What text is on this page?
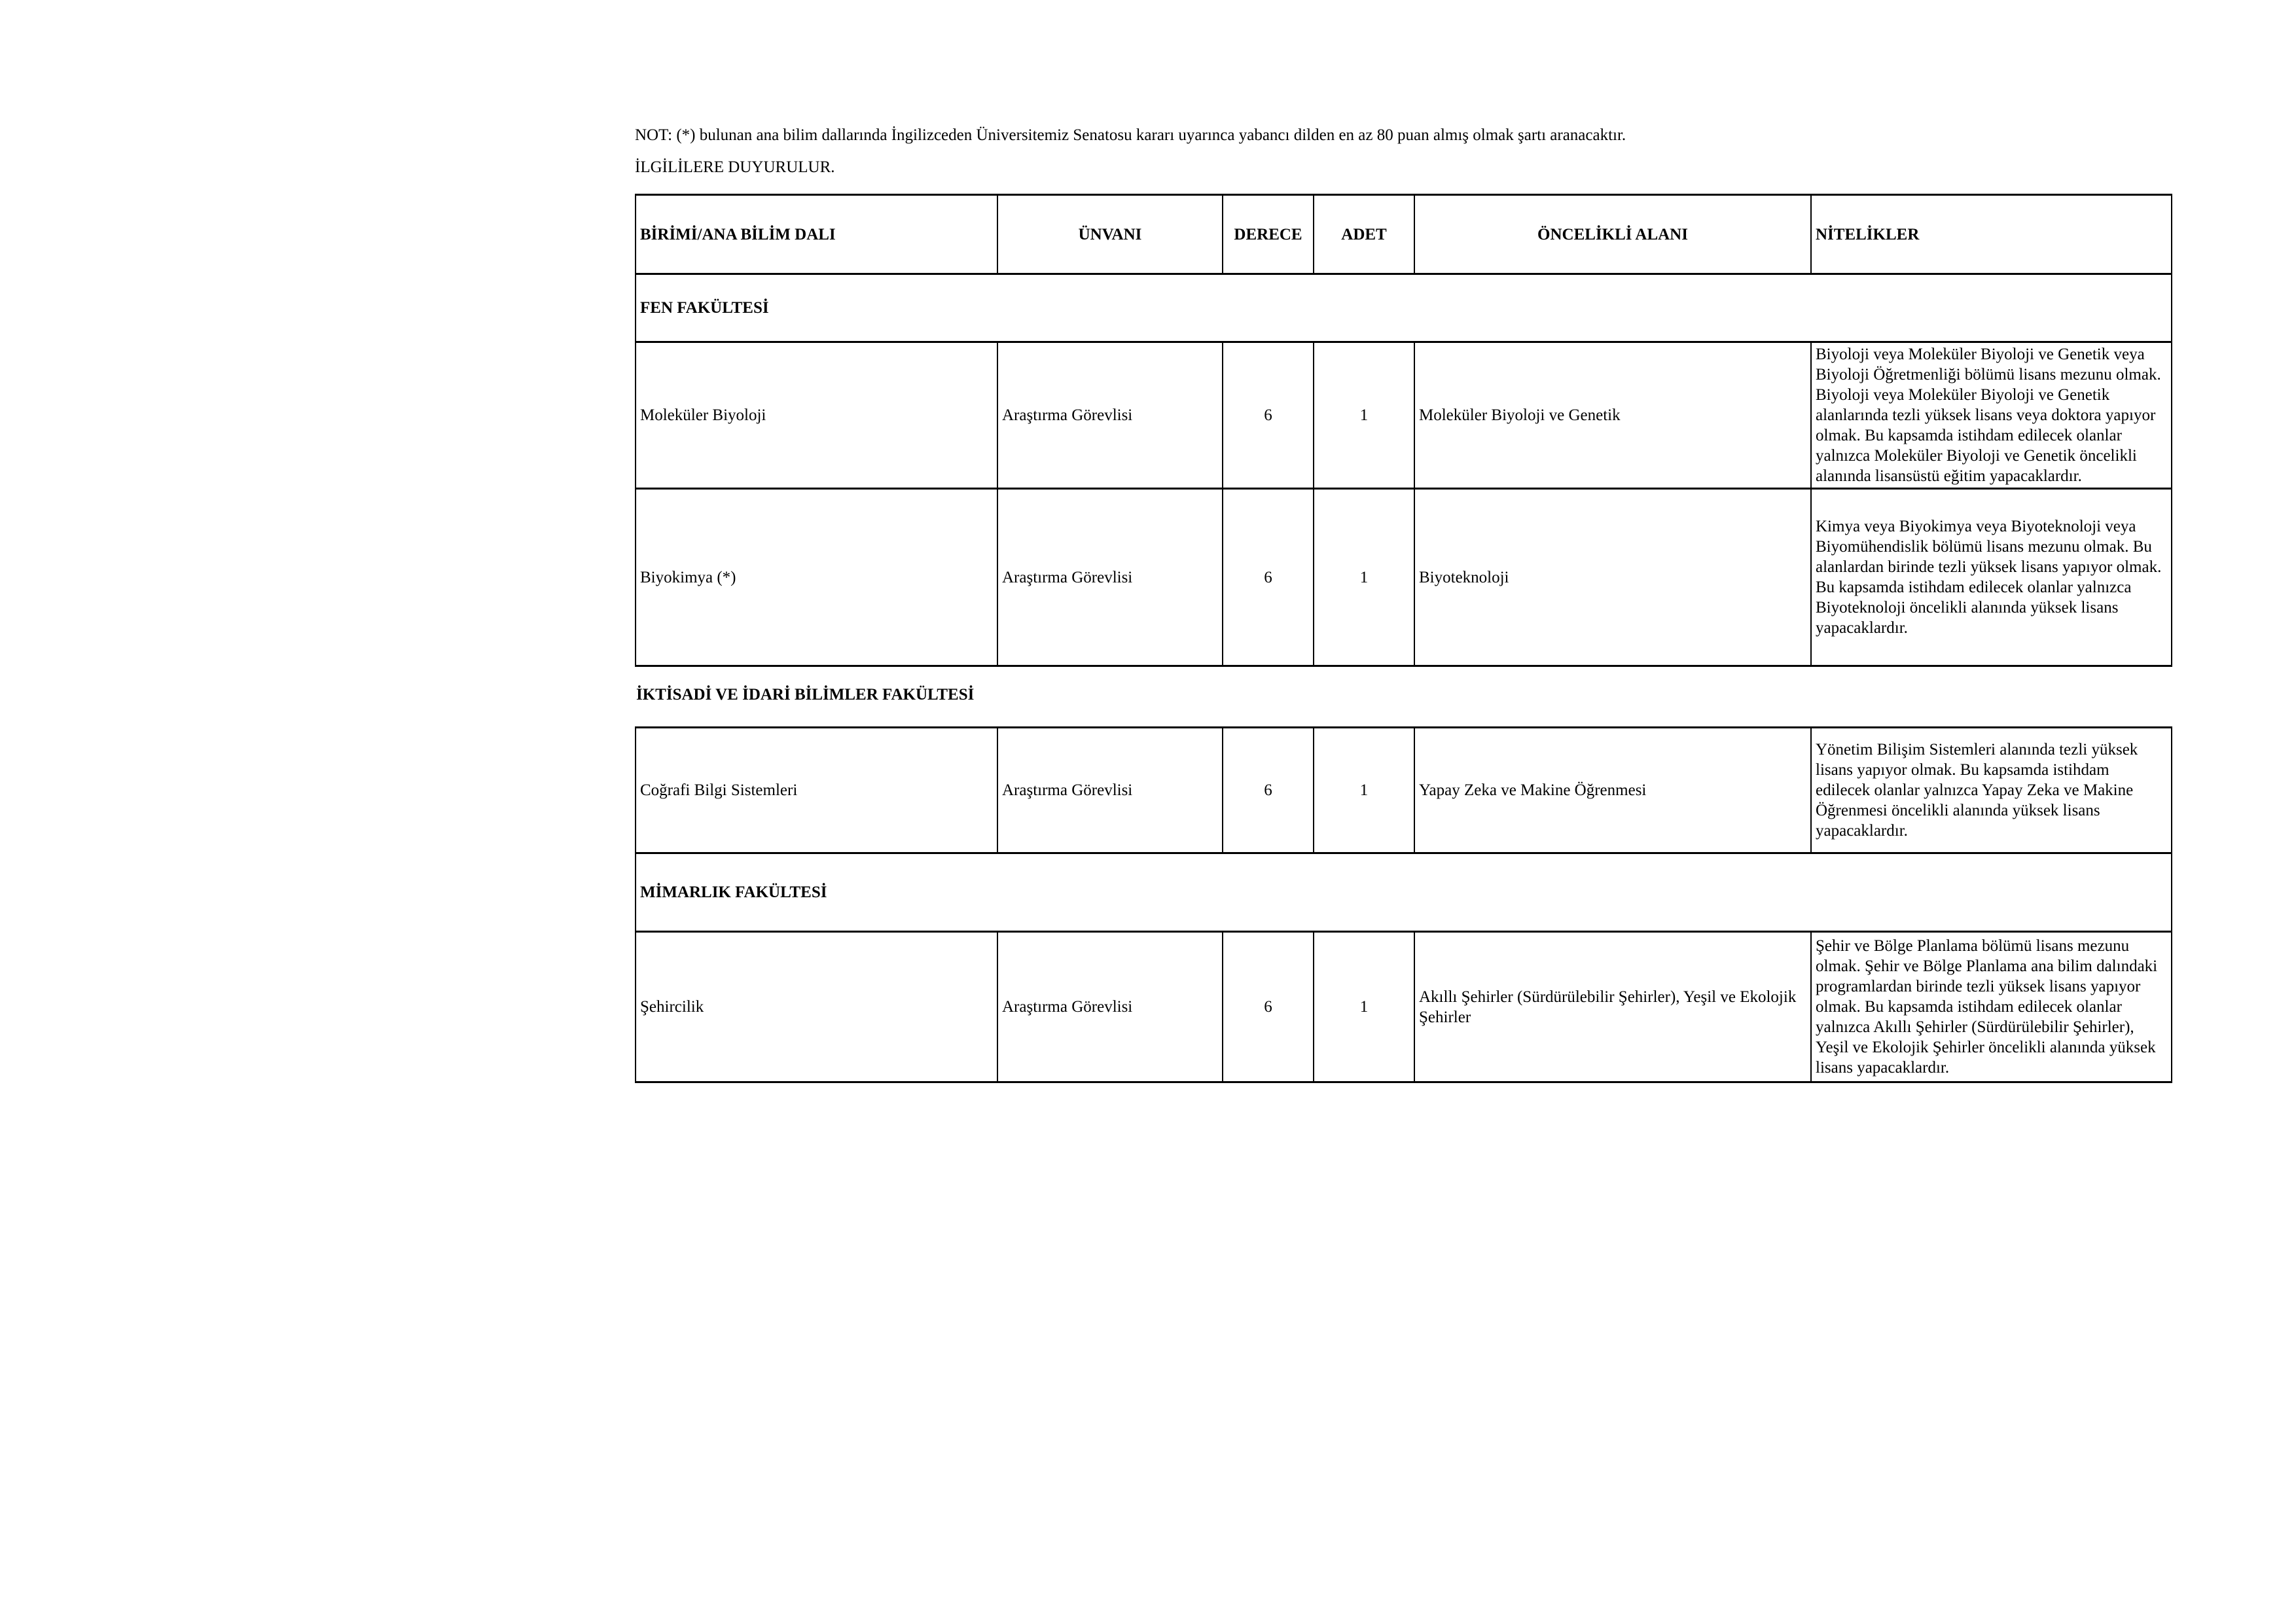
NOT: (*) bulunan ana bilim dallarında İngilizceden Üniversitemiz Senatosu kararı uyarınca yabancı dilden en az 80 puan almış olmak şartı aranacaktır.
İLGİLİLERE DUYURULUR.
BİRİMİ/ANA BİLİM DALI	ÜNVANI	DERECE	ADET	ÖNCELİKLİ ALANI	NİTELİKLER
FEN FAKÜLTESİ					
Moleküler Biyoloji	Araştırma Görevlisi	6	1	Moleküler Biyoloji ve Genetik	Biyoloji veya Moleküler Biyoloji ve Genetik veya Biyoloji Öğretmenliği bölümü lisans mezunu olmak. Biyoloji veya Moleküler Biyoloji ve Genetik alanlarında tezli yüksek lisans veya doktora yapıyor olmak. Bu kapsamda istihdam edilecek olanlar yalnızca Moleküler Biyoloji ve Genetik öncelikli alanında lisansüstü eğitim yapacaklardır.
Biyokimya (*)	Araştırma Görevlisi	6	1	Biyoteknoloji	Kimya veya Biyokimya veya Biyoteknoloji veya Biyomühendislik bölümü lisans mezunu olmak. Bu alanlardan birinde tezli yüksek lisans yapıyor olmak. Bu kapsamda istihdam edilecek olanlar yalnızca Biyoteknoloji öncelikli alanında yüksek lisans yapacaklardır.
İKTİSADİ VE İDARİ BİLİMLER FAKÜLTESİ
Coğrafi Bilgi Sistemleri	Araştırma Görevlisi	6	1	Yapay Zeka ve Makine Öğrenmesi	Yönetim Bilişim Sistemleri alanında tezli yüksek lisans yapıyor olmak. Bu kapsamda istihdam edilecek olanlar yalnızca Yapay Zeka ve Makine Öğrenmesi öncelikli alanında yüksek lisans yapacaklardır.
MİMARLIK FAKÜLTESİ					
Şehircilik	Araştırma Görevlisi	6	1	Akıllı Şehirler (Sürdürülebilir Şehirler), Yeşil ve Ekolojik Şehirler	Şehir ve Bölge Planlama bölümü lisans mezunu olmak. Şehir ve Bölge Planlama ana bilim dalındaki programlardan birinde tezli yüksek lisans yapıyor olmak. Bu kapsamda istihdam edilecek olanlar yalnızca Akıllı Şehirler (Sürdürülebilir Şehirler), Yeşil ve Ekolojik Şehirler öncelikli alanında yüksek lisans yapacaklardır.
